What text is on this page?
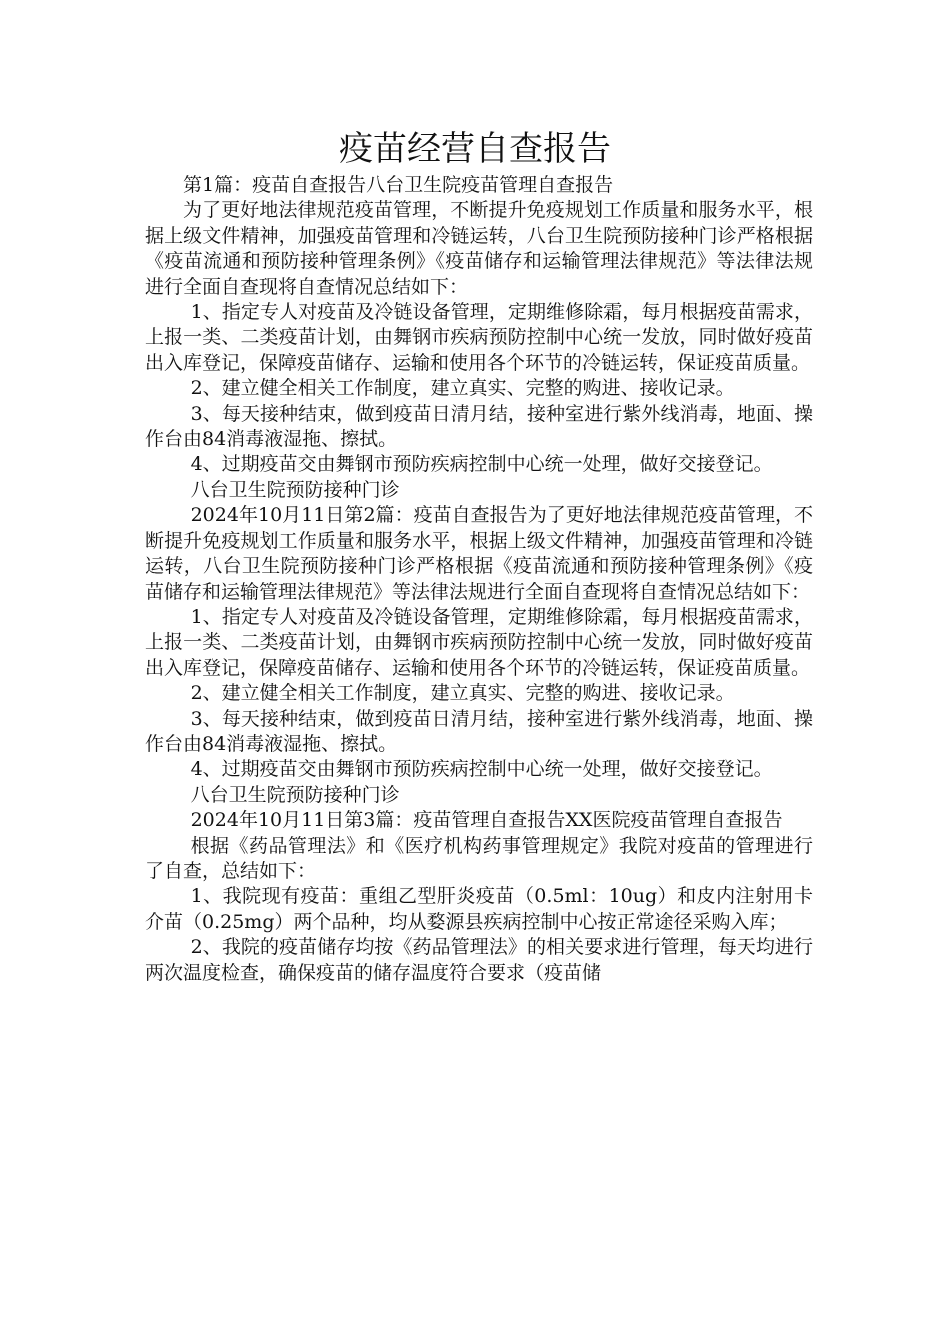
疫苗经营自查报告

第1篇：疫苗自查报告八台卫生院疫苗管理自查报告

为了更好地法律规范疫苗管理，不断提升免疫规划工作质量和服务水平，根据上级文件精神，加强疫苗管理和冷链运转，八台卫生院预防接种门诊严格根据《疫苗流通和预防接种管理条例》《疫苗储存和运输管理法律规范》等法律法规进行全面自查现将自查情况总结如下：

1、指定专人对疫苗及冷链设备管理，定期维修除霜，每月根据疫苗需求，上报一类、二类疫苗计划，由舞钢市疾病预防控制中心统一发放，同时做好疫苗出入库登记，保障疫苗储存、运输和使用各个环节的冷链运转，保证疫苗质量。

2、建立健全相关工作制度，建立真实、完整的购进、接收记录。

3、每天接种结束，做到疫苗日清月结，接种室进行紫外线消毒，地面、操作台由84消毒液湿拖、擦拭。

4、过期疫苗交由舞钢市预防疾病控制中心统一处理，做好交接登记。

八台卫生院预防接种门诊

2024年10月11日第2篇：疫苗自查报告为了更好地法律规范疫苗管理，不断提升免疫规划工作质量和服务水平，根据上级文件精神，加强疫苗管理和冷链运转，八台卫生院预防接种门诊严格根据《疫苗流通和预防接种管理条例》《疫苗储存和运输管理法律规范》等法律法规进行全面自查现将自查情况总结如下：

1、指定专人对疫苗及冷链设备管理，定期维修除霜，每月根据疫苗需求，上报一类、二类疫苗计划，由舞钢市疾病预防控制中心统一发放，同时做好疫苗出入库登记，保障疫苗储存、运输和使用各个环节的冷链运转，保证疫苗质量。

2、建立健全相关工作制度，建立真实、完整的购进、接收记录。

3、每天接种结束，做到疫苗日清月结，接种室进行紫外线消毒，地面、操作台由84消毒液湿拖、擦拭。

4、过期疫苗交由舞钢市预防疾病控制中心统一处理，做好交接登记。

八台卫生院预防接种门诊

2024年10月11日第3篇：疫苗管理自查报告XX医院疫苗管理自查报告

根据《药品管理法》和《医疗机构药事管理规定》我院对疫苗的管理进行了自查，总结如下：

1、我院现有疫苗：重组乙型肝炎疫苗（0.5ml：10ug）和皮内注射用卡介苗（0.25mg）两个品种，均从婺源县疾病控制中心按正常途径采购入库；

2、我院的疫苗储存均按《药品管理法》的相关要求进行管理，每天均进行两次温度检查，确保疫苗的储存温度符合要求（疫苗储
